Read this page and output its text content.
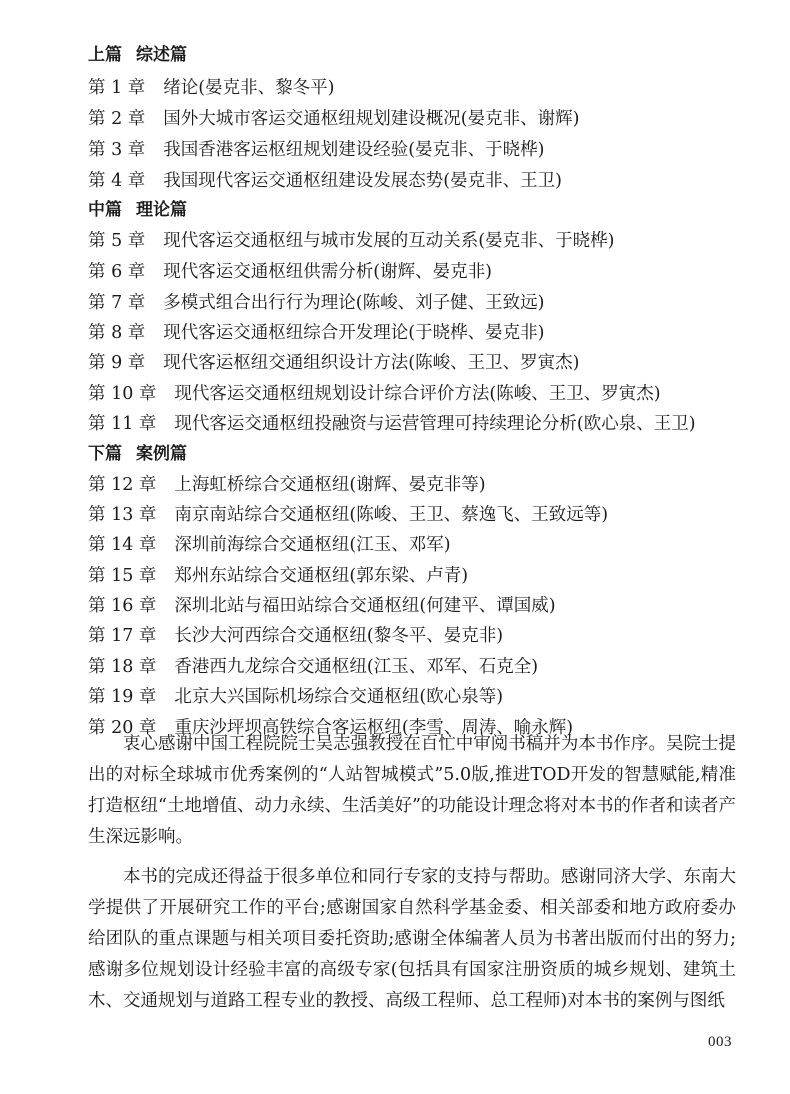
上篇 综述篇
第 1 章 绪论(晏克非、黎冬平)
第 2 章 国外大城市客运交通枢纽规划建设概况(晏克非、谢辉)
第 3 章 我国香港客运枢纽规划建设经验(晏克非、于晓桦)
第 4 章 我国现代客运交通枢纽建设发展态势(晏克非、王卫)
中篇 理论篇
第 5 章 现代客运交通枢纽与城市发展的互动关系(晏克非、于晓桦)
第 6 章 现代客运交通枢纽供需分析(谢辉、晏克非)
第 7 章 多模式组合出行行为理论(陈峻、刘子健、王致远)
第 8 章 现代客运交通枢纽综合开发理论(于晓桦、晏克非)
第 9 章 现代客运枢纽交通组织设计方法(陈峻、王卫、罗寅杰)
第 10 章 现代客运交通枢纽规划设计综合评价方法(陈峻、王卫、罗寅杰)
第 11 章 现代客运交通枢纽投融资与运营管理可持续理论分析(欧心泉、王卫)
下篇 案例篇
第 12 章 上海虹桥综合交通枢纽(谢辉、晏克非等)
第 13 章 南京南站综合交通枢纽(陈峻、王卫、蔡逸飞、王致远等)
第 14 章 深圳前海综合交通枢纽(江玉、邓军)
第 15 章 郑州东站综合交通枢纽(郭东梁、卢青)
第 16 章 深圳北站与福田站综合交通枢纽(何建平、谭国威)
第 17 章 长沙大河西综合交通枢纽(黎冬平、晏克非)
第 18 章 香港西九龙综合交通枢纽(江玉、邓军、石克全)
第 19 章 北京大兴国际机场综合交通枢纽(欧心泉等)
第 20 章 重庆沙坪坝高铁综合客运枢纽(李雪、周涛、喻永辉)

衷心感谢中国工程院院士吴志强教授在百忙中审阅书稿并为本书作序。吴院士提出的对标全球城市优秀案例的“人站智城模式”5.0版,推进TOD开发的智慧赋能,精准打造枢纽“土地增值、动力永续、生活美好”的功能设计理念将对本书的作者和读者产生深远影响。

本书的完成还得益于很多单位和同行专家的支持与帮助。感谢同济大学、东南大学提供了开展研究工作的平台;感谢国家自然科学基金委、相关部委和地方政府委办给团队的重点课题与相关项目委托资助;感谢全体编著人员为书著出版而付出的努力;感谢多位规划设计经验丰富的高级专家(包括具有国家注册资质的城乡规划、建筑土木、交通规划与道路工程专业的教授、高级工程师、总工程师)对本书的案例与图纸

003
